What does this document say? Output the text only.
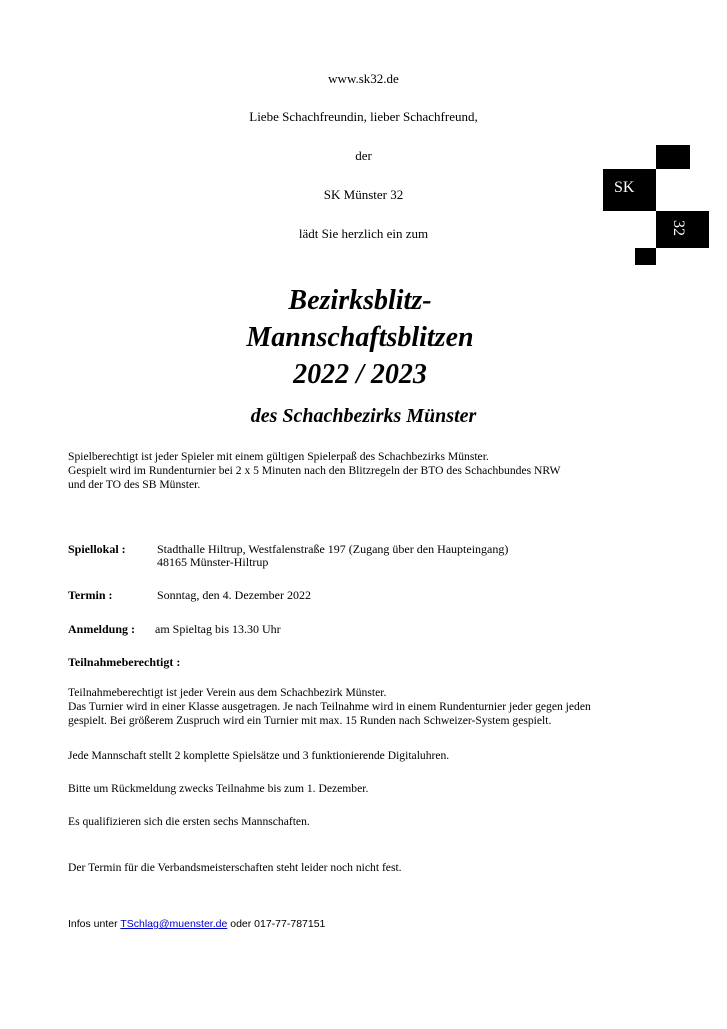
www.sk32.de
Liebe Schachfreundin, lieber Schachfreund,
der
SK Münster 32
lädt Sie herzlich ein zum
SK
32
Bezirksblitz-
Mannschaftsblitzen
2022 / 2023
des Schachbezirks Münster
Spielberechtigt ist jeder Spieler mit einem gültigen Spielerpaß des Schachbezirks Münster.
Gespielt wird im Rundenturnier bei 2 x 5 Minuten nach den Blitzregeln der BTO des Schachbundes NRW
und der TO des SB Münster.
Spiellokal :	Stadthalle Hiltrup, Westfalenstraße 197 (Zugang über den Haupteingang)
48165 Münster-Hiltrup
Termin :	Sonntag, den 4. Dezember 2022
Anmeldung : am Spieltag bis 13.30 Uhr
Teilnahmeberechtigt :
Teilnahmeberechtigt ist jeder Verein aus dem Schachbezirk Münster.
Das Turnier wird in einer Klasse ausgetragen. Je nach Teilnahme wird in einem Rundenturnier jeder gegen jeden
gespielt. Bei größerem Zuspruch wird ein Turnier mit max. 15 Runden nach Schweizer-System gespielt.
Jede Mannschaft stellt 2 komplette Spielsätze und 3 funktionierende Digitaluhren.
Bitte um Rückmeldung zwecks Teilnahme bis zum 1. Dezember.
Es qualifizieren sich die ersten sechs Mannschaften.
Der Termin für die Verbandsmeisterschaften steht leider noch nicht fest.
Infos unter TSchlag@muenster.de oder 017-77-787151
